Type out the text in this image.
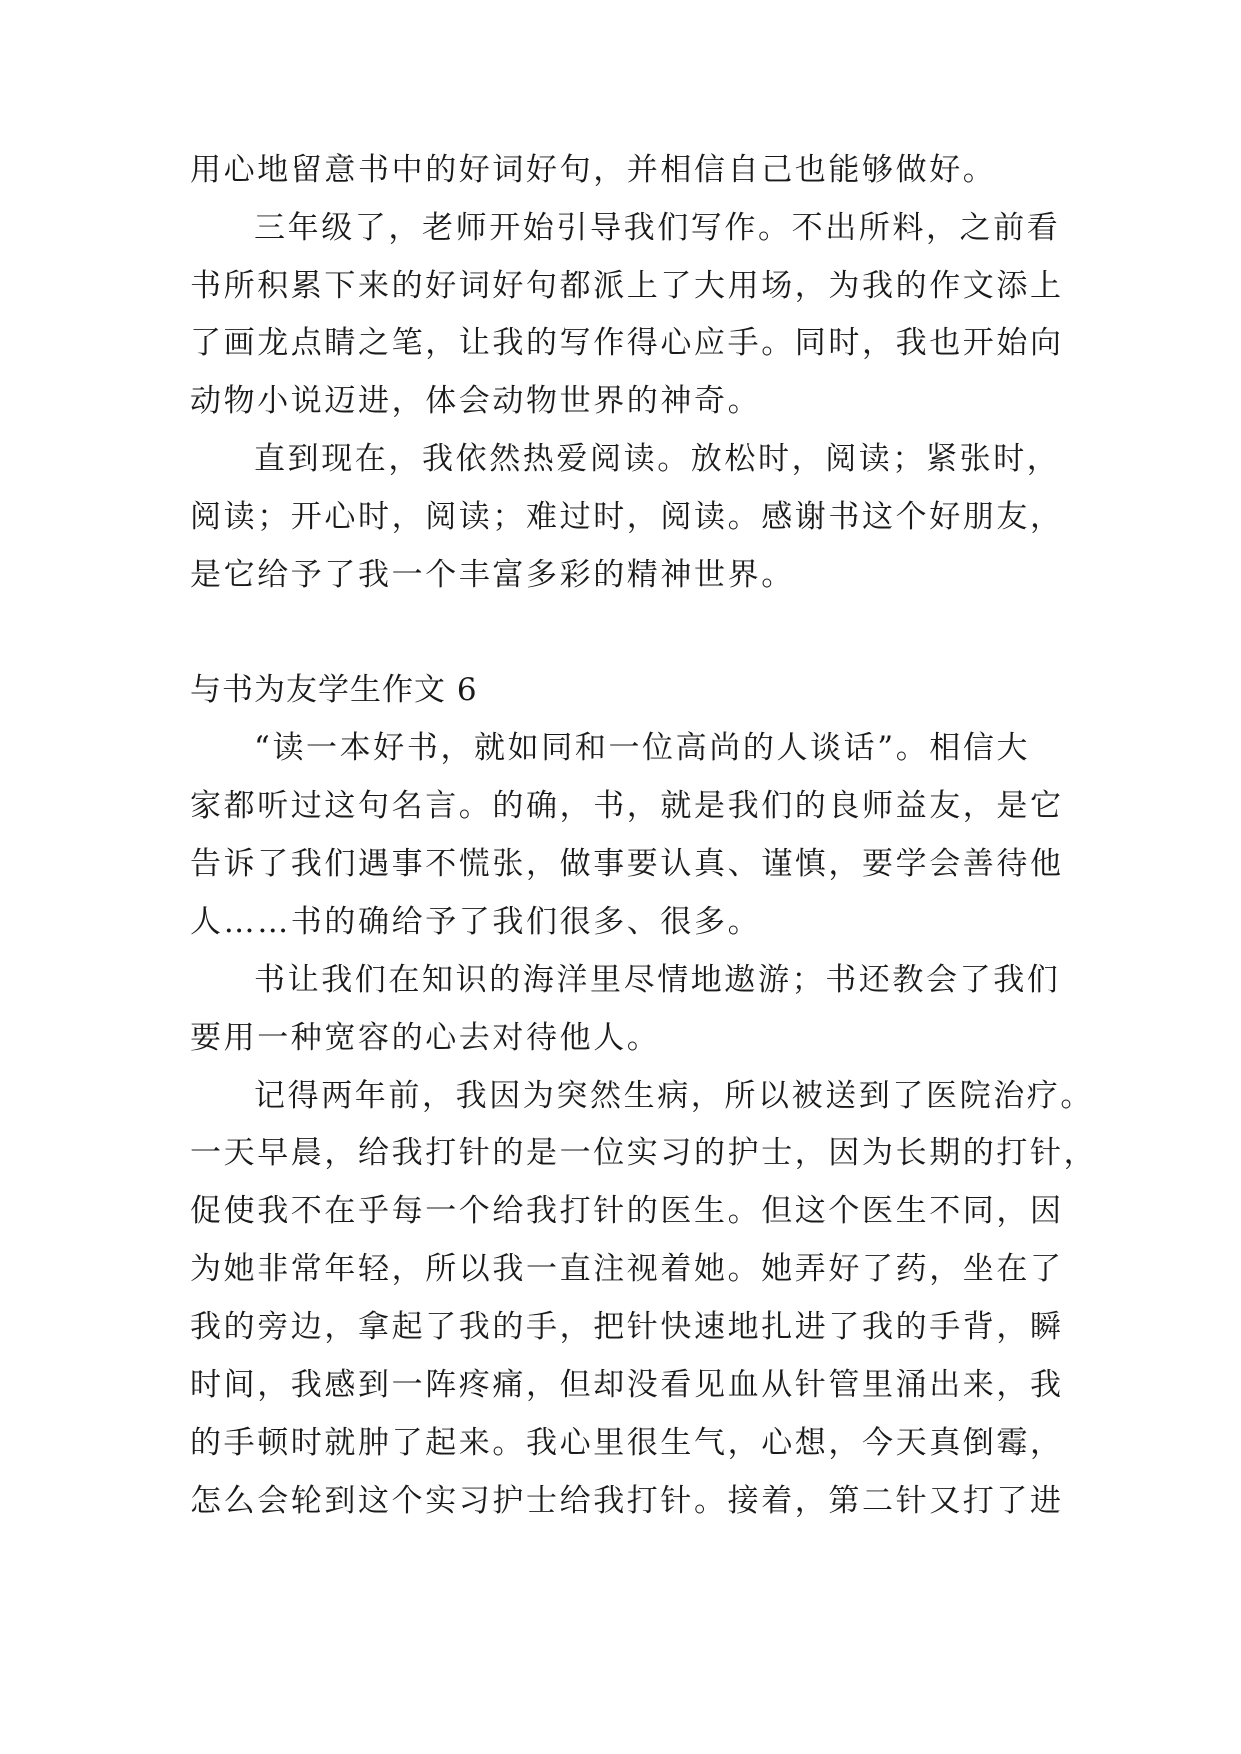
用心地留意书中的好词好句，并相信自己也能够做好。
三年级了，老师开始引导我们写作。不出所料，之前看
书所积累下来的好词好句都派上了大用场，为我的作文添上
了画龙点睛之笔，让我的写作得心应手。同时，我也开始向
动物小说迈进，体会动物世界的神奇。
直到现在，我依然热爱阅读。放松时，阅读；紧张时，
阅读；开心时，阅读；难过时，阅读。感谢书这个好朋友，
是它给予了我一个丰富多彩的精神世界。
与书为友学生作文 6
“读一本好书，就如同和一位高尚的人谈话”。相信大
家都听过这句名言。的确，书，就是我们的良师益友，是它
告诉了我们遇事不慌张，做事要认真、谨慎，要学会善待他
人……书的确给予了我们很多、很多。
书让我们在知识的海洋里尽情地遨游；书还教会了我们
要用一种宽容的心去对待他人。
记得两年前，我因为突然生病，所以被送到了医院治疗。
一天早晨，给我打针的是一位实习的护士，因为长期的打针，
促使我不在乎每一个给我打针的医生。但这个医生不同，因
为她非常年轻，所以我一直注视着她。她弄好了药，坐在了
我的旁边，拿起了我的手，把针快速地扎进了我的手背，瞬
时间，我感到一阵疼痛，但却没看见血从针管里涌出来，我
的手顿时就肿了起来。我心里很生气，心想，今天真倒霉，
怎么会轮到这个实习护士给我打针。接着，第二针又打了进
